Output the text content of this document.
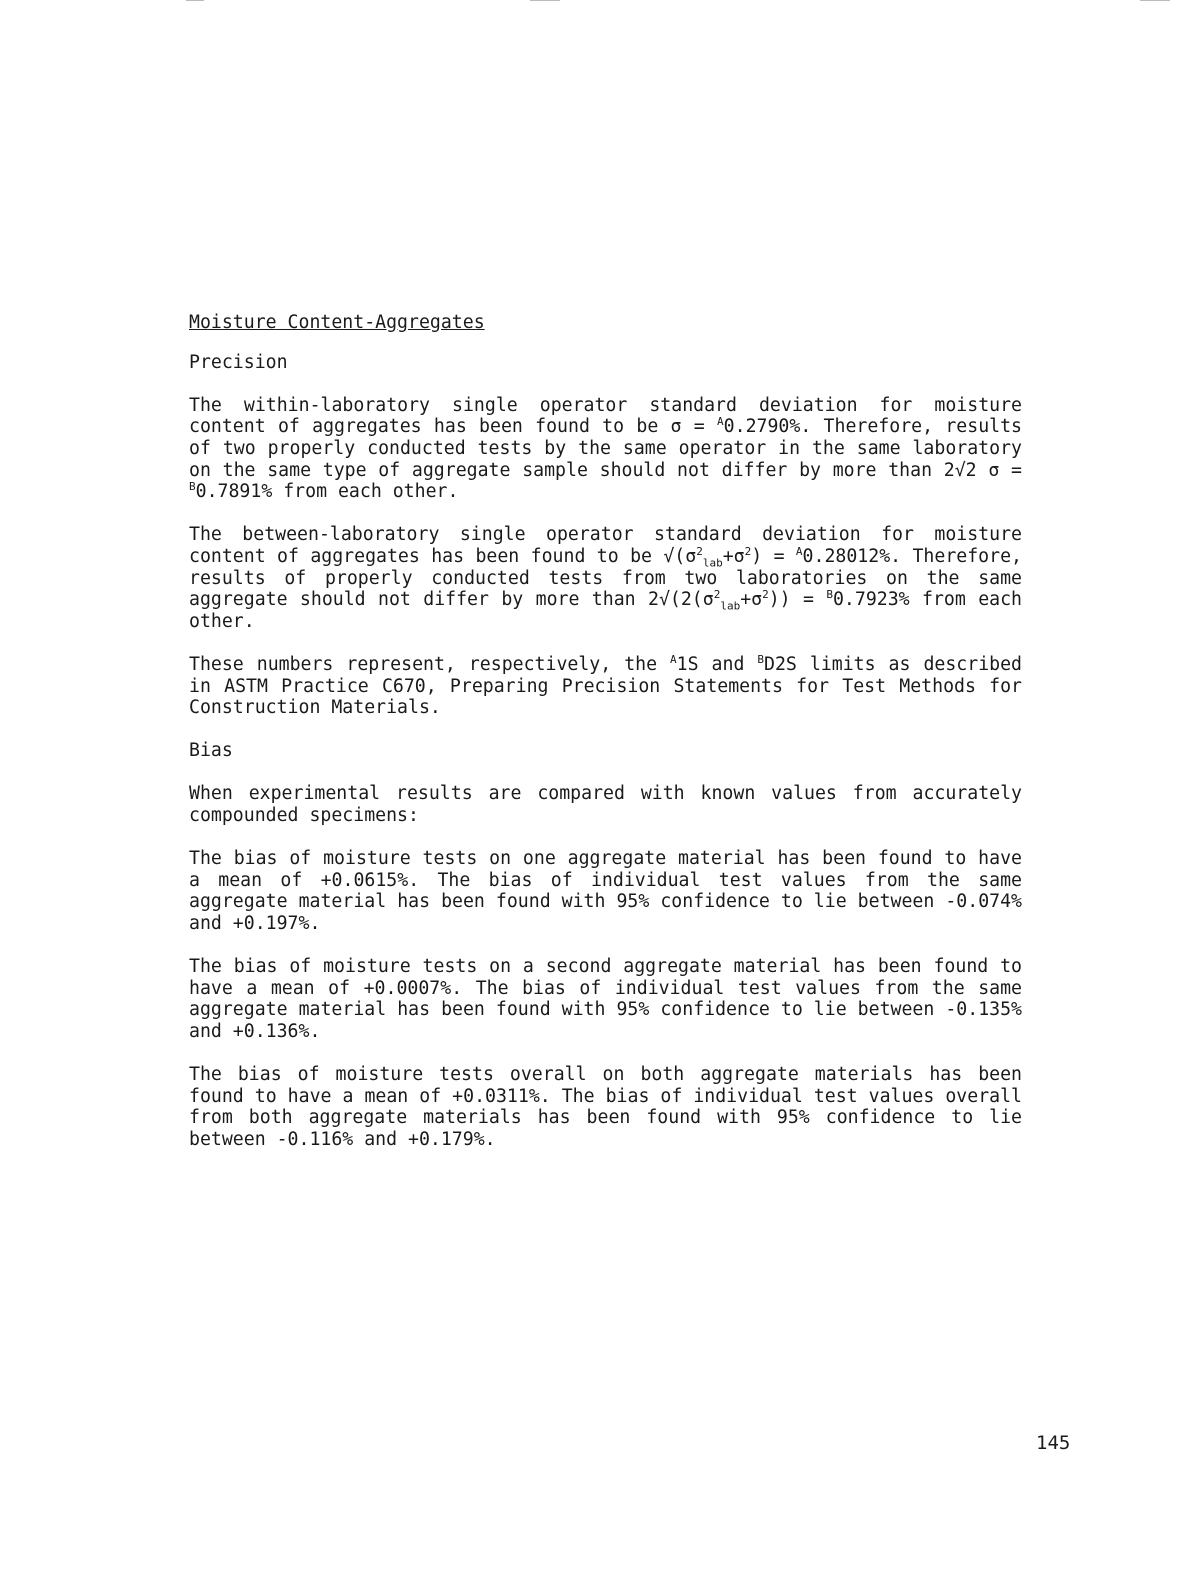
Moisture Content-Aggregates

Precision

The within-laboratory single operator standard deviation for moisture content of aggregates has been found to be σ = $^A$0.2790%. Therefore, results of two properly conducted tests by the same operator in the same laboratory on the same type of aggregate sample should not differ by more than 2√2 σ = $^B$0.7891% from each other.

The between-laboratory single operator standard deviation for moisture content of aggregates has been found to be $√(\sigma^2_{lab}+\sigma^2) = ^A0.28012\%$. Therefore, results of properly conducted tests from two laboratories on the same aggregate should not differ by more than $2√(2(\sigma^2_{lab}+\sigma^2)) = ^B0.7923\%$ from each other.

These numbers represent, respectively, the $^A$1S and $^B$D2S limits as described in ASTM Practice C670, Preparing Precision Statements for Test Methods for Construction Materials.

Bias

When experimental results are compared with known values from accurately compounded specimens:

The bias of moisture tests on one aggregate material has been found to have a mean of +0.0615%. The bias of individual test values from the same aggregate material has been found with 95% confidence to lie between -0.074% and +0.197%.

The bias of moisture tests on a second aggregate material has been found to have a mean of +0.0007%. The bias of individual test values from the same aggregate material has been found with 95% confidence to lie between -0.135% and +0.136%.

The bias of moisture tests overall on both aggregate materials has been found to have a mean of +0.0311%. The bias of individual test values overall from both aggregate materials has been found with 95% confidence to lie between -0.116% and +0.179%.

145
